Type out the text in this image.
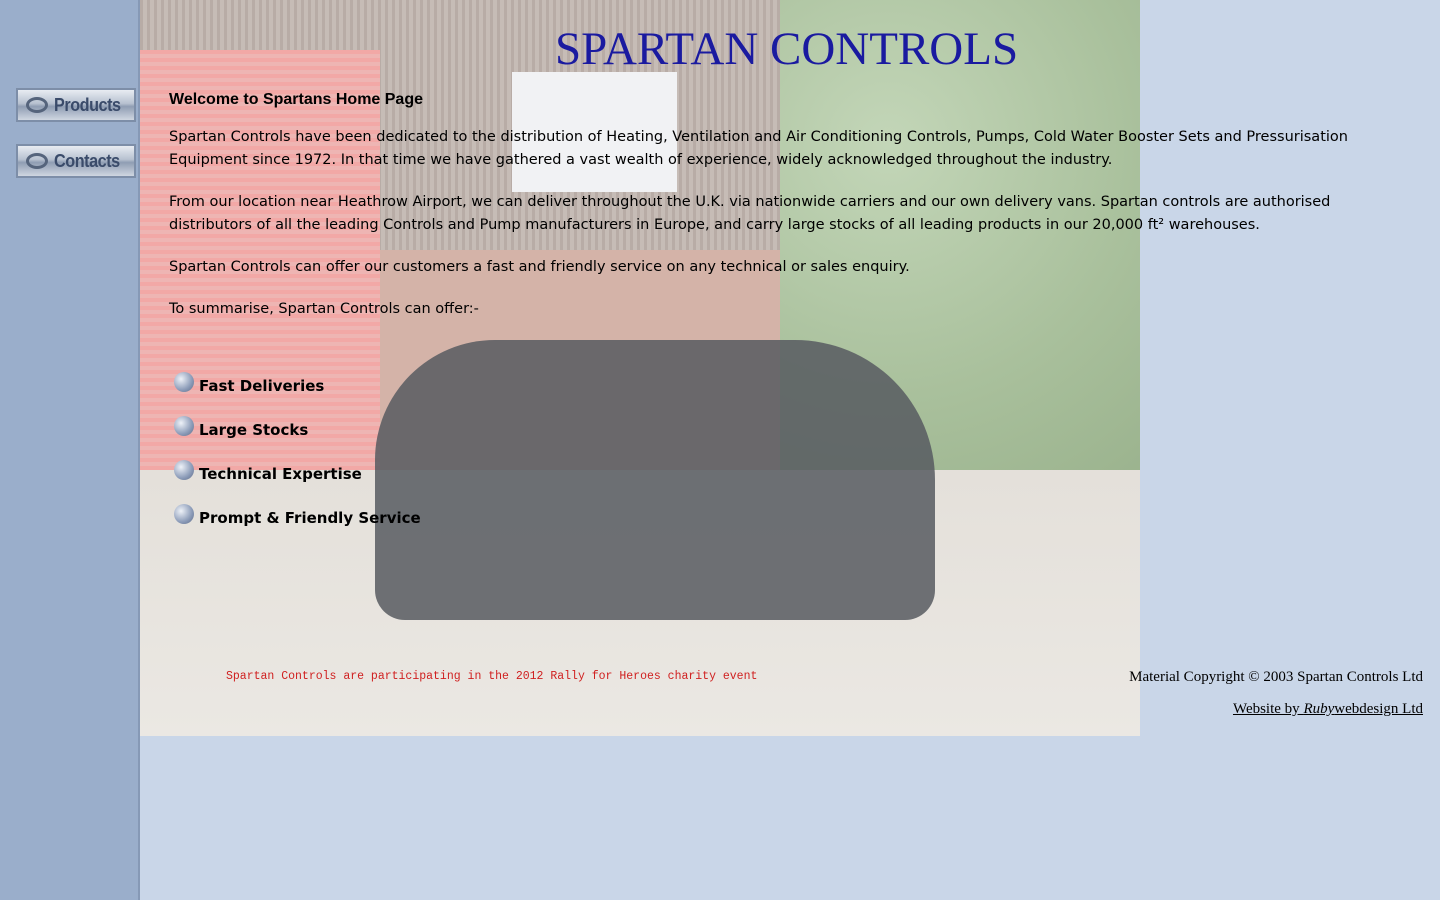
Products
Contacts
SPARTAN CONTROLS
Welcome to Spartans Home Page

Spartan Controls have been dedicated to the distribution of Heating, Ventilation and Air Conditioning Controls, Pumps, Cold Water Booster Sets and Pressurisation Equipment since 1972. In that time we have gathered a vast wealth of experience, widely acknowledged throughout the industry.

From our location near Heathrow Airport, we can deliver throughout the U.K. via nationwide carriers and our own delivery vans. Spartan controls are authorised distributors of all the leading Controls and Pump manufacturers in Europe, and carry large stocks of all leading products in our 20,000 ft² warehouses.

Spartan Controls can offer our customers a fast and friendly service on any technical or sales enquiry.

To summarise, Spartan Controls can offer:-

Fast Deliveries
Large Stocks
Technical Expertise
Prompt & Friendly Service
Spartan Controls are participating in the 2012 Rally for Heroes charity event	Material Copyright © 2003 Spartan Controls Ltd
Website by Rubywebdesign Ltd
